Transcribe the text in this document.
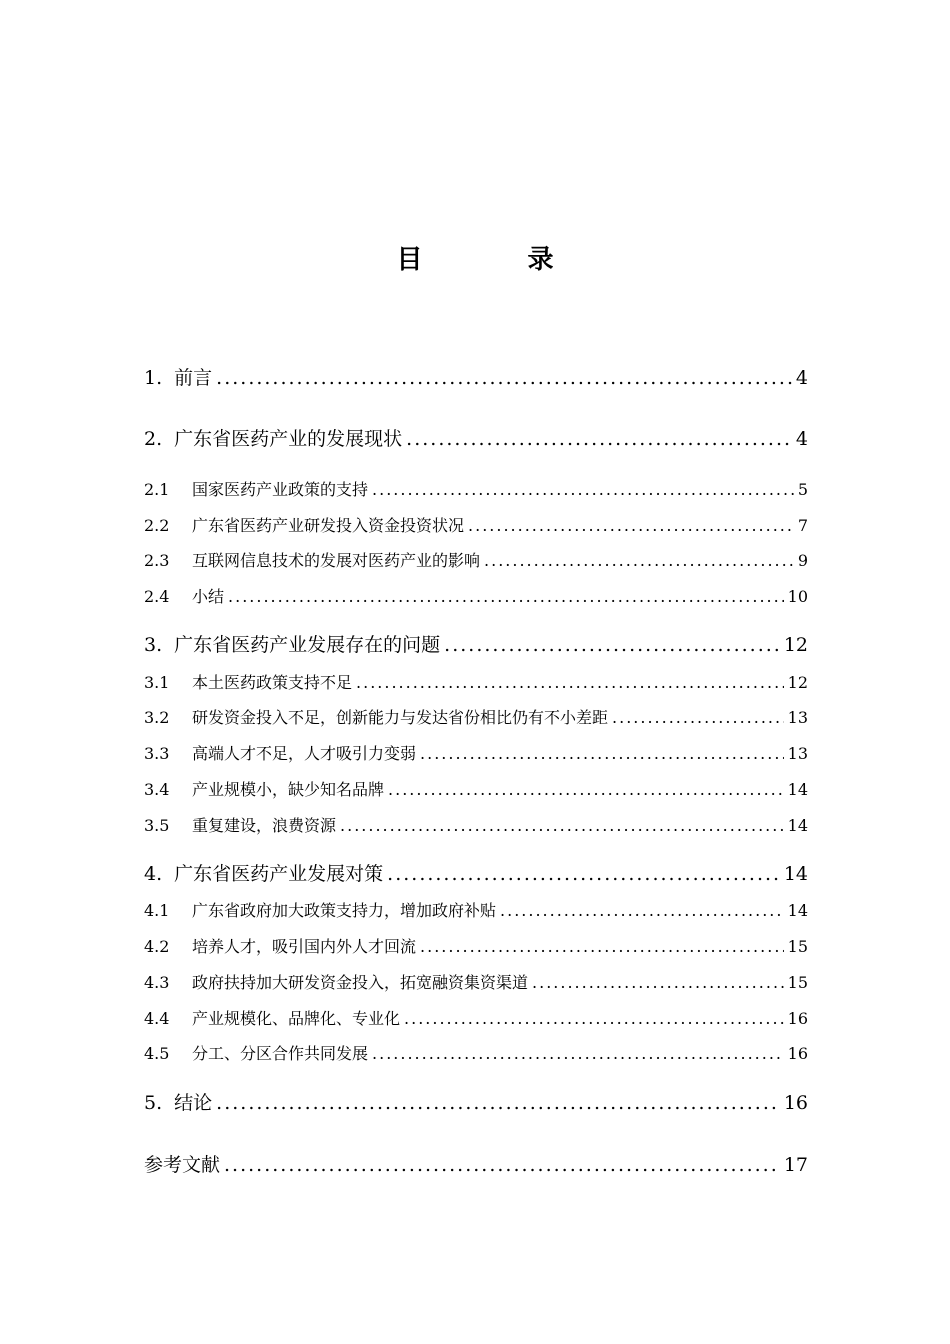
目 录
1. 前言 .....	4
2. 广东省医药产业的发展现状 .....	4
2.1	国家医药产业政策的支持 .....	5
2.2	广东省医药产业研发投入资金投资状况 .....	7
2.3	互联网信息技术的发展对医药产业的影响 .....	9
2.4	小结 .....	10
3. 广东省医药产业发展存在的问题 .....	12
3.1	本土医药政策支持不足 .....	12
3.2	研发资金投入不足，创新能力与发达省份相比仍有不小差距 .....	13
3.3	高端人才不足，人才吸引力变弱 .....	13
3.4	产业规模小，缺少知名品牌 .....	14
3.5	重复建设，浪费资源 .....	14
4. 广东省医药产业发展对策 .....	14
4.1	广东省政府加大政策支持力，增加政府补贴 .....	14
4.2	培养人才，吸引国内外人才回流 .....	15
4.3	政府扶持加大研发资金投入，拓宽融资集资渠道 .....	15
4.4	产业规模化、品牌化、专业化 .....	16
4.5	分工、分区合作共同发展 .....	16
5. 结论 .....	16
参考文献 .....	17
